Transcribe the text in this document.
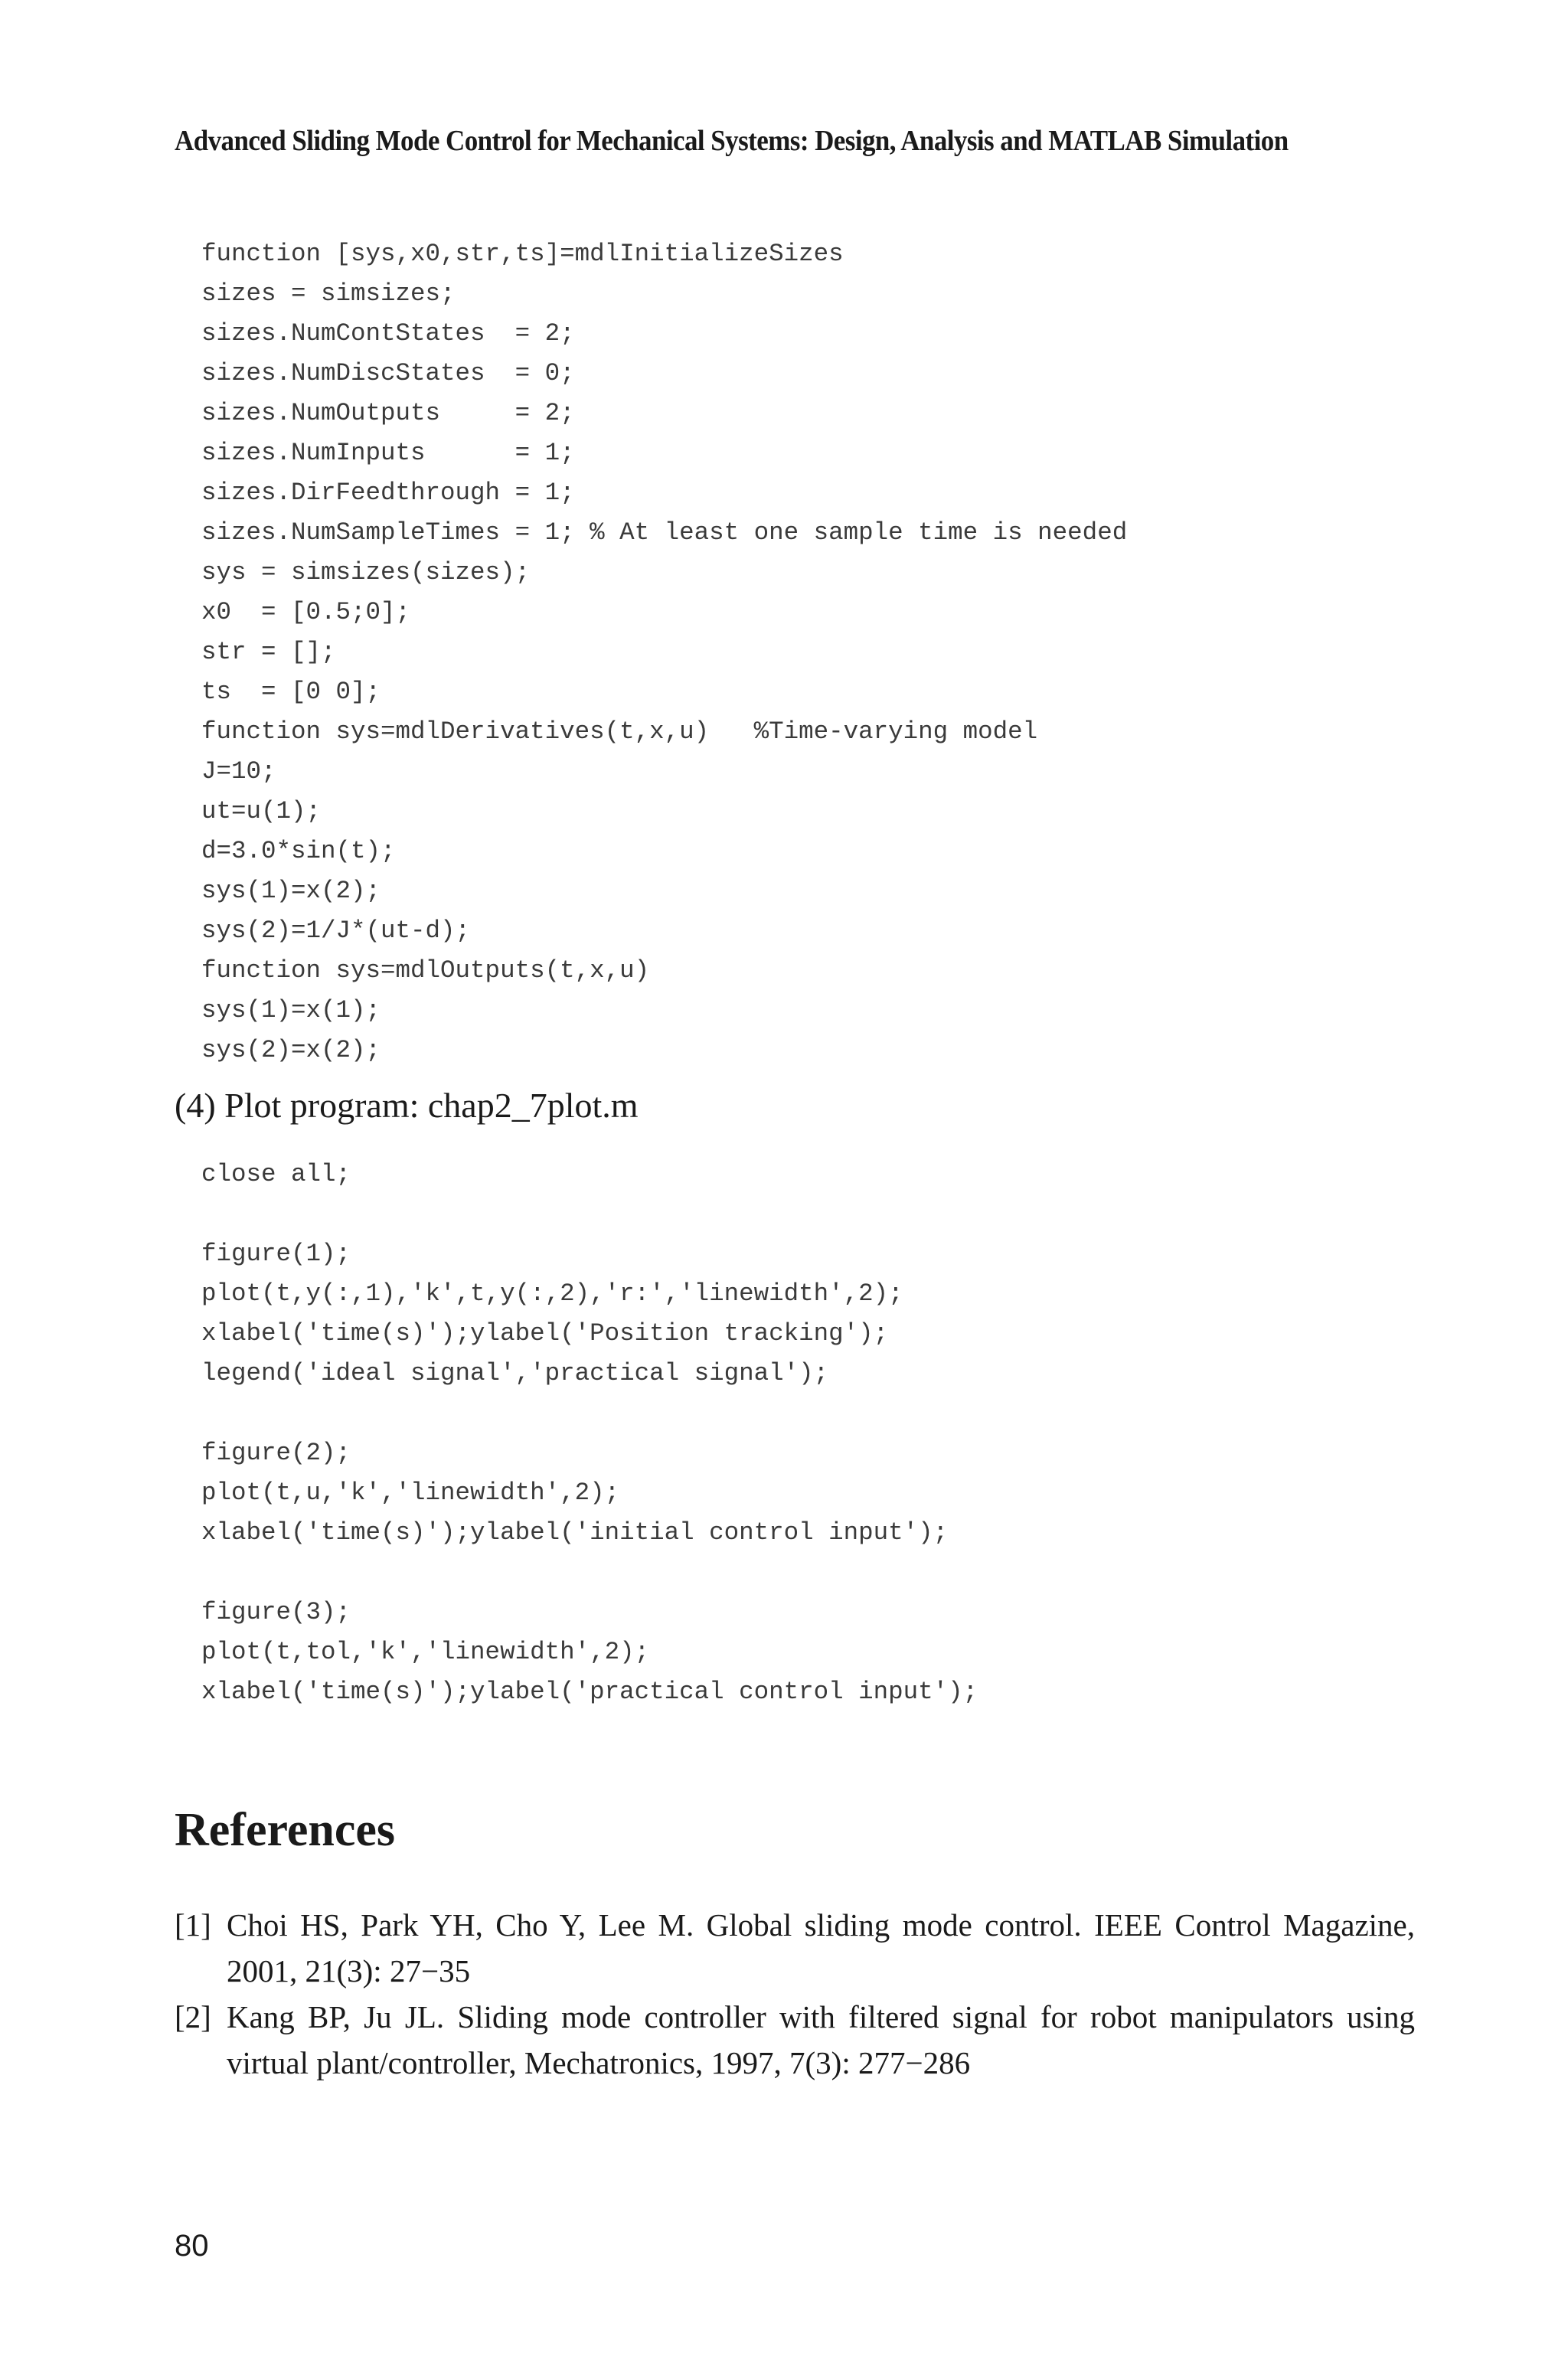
Advanced Sliding Mode Control for Mechanical Systems: Design, Analysis and MATLAB Simulation
function [sys,x0,str,ts]=mdlInitializeSizes
sizes = simsizes;
sizes.NumContStates  = 2;
sizes.NumDiscStates  = 0;
sizes.NumOutputs     = 2;
sizes.NumInputs      = 1;
sizes.DirFeedthrough = 1;
sizes.NumSampleTimes = 1; % At least one sample time is needed
sys = simsizes(sizes);
x0  = [0.5;0];
str = [];
ts  = [0 0];
function sys=mdlDerivatives(t,x,u)   %Time-varying model
J=10;
ut=u(1);
d=3.0*sin(t);
sys(1)=x(2);
sys(2)=1/J*(ut-d);
function sys=mdlOutputs(t,x,u)
sys(1)=x(1);
sys(2)=x(2);
(4) Plot program: chap2_7plot.m
close all;
figure(1);
plot(t,y(:,1),'k',t,y(:,2),'r:','linewidth',2);
xlabel('time(s)');ylabel('Position tracking');
legend('ideal signal','practical signal');
figure(2);
plot(t,u,'k','linewidth',2);
xlabel('time(s)');ylabel('initial control input');
figure(3);
plot(t,tol,'k','linewidth',2);
xlabel('time(s)');ylabel('practical control input');
References
[1] Choi HS, Park YH, Cho Y, Lee M. Global sliding mode control. IEEE Control Magazine, 2001, 21(3): 27−35
[2] Kang BP, Ju JL. Sliding mode controller with filtered signal for robot manipulators using virtual plant/controller, Mechatronics, 1997, 7(3): 277−286
80
